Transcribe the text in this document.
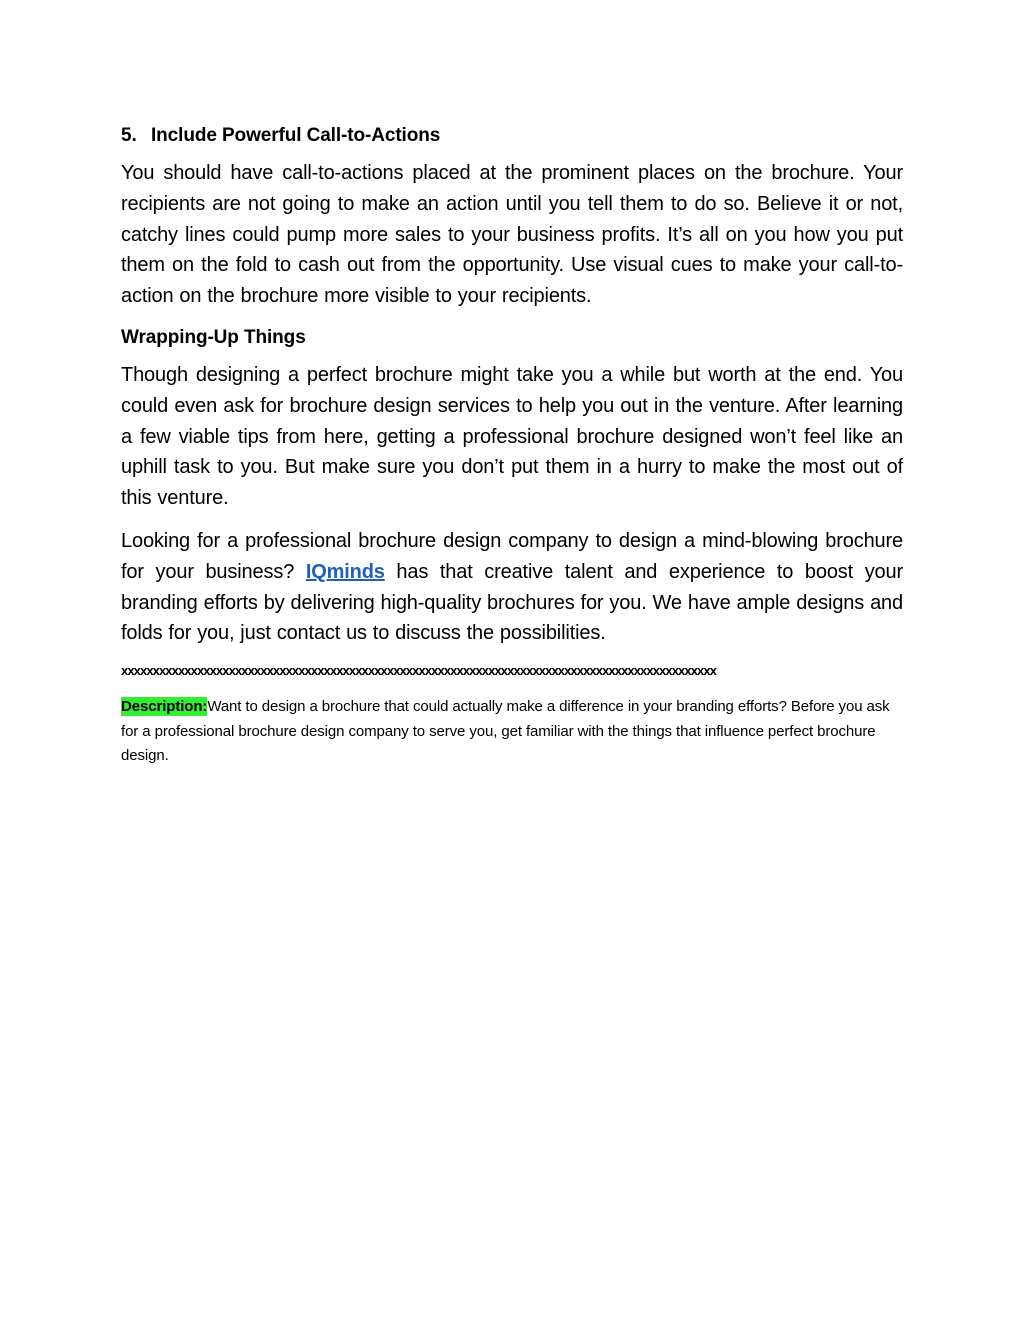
5. Include Powerful Call-to-Actions

You should have call-to-actions placed at the prominent places on the brochure. Your recipients are not going to make an action until you tell them to do so. Believe it or not, catchy lines could pump more sales to your business profits. It’s all on you how you put them on the fold to cash out from the opportunity. Use visual cues to make your call-to-action on the brochure more visible to your recipients.

Wrapping-Up Things

Though designing a perfect brochure might take you a while but worth at the end. You could even ask for brochure design services to help you out in the venture. After learning a few viable tips from here, getting a professional brochure designed won’t feel like an uphill task to you. But make sure you don’t put them in a hurry to make the most out of this venture.

Looking for a professional brochure design company to design a mind-blowing brochure for your business? IQminds has that creative talent and experience to boost your branding efforts by delivering high-quality brochures for you. We have ample designs and folds for you, just contact us to discuss the possibilities.

xxxxxxxxxxxxxxxxxxxxxxxxxxxxxxxxxxxxxxxxxxxxxxxxxxxxxxxxxxxxxxxxxxxxxxxxxxxxxxxxxxxxxxxxxxxxxx

Description:Want to design a brochure that could actually make a difference in your branding efforts? Before you ask for a professional brochure design company to serve you, get familiar with the things that influence perfect brochure design.
